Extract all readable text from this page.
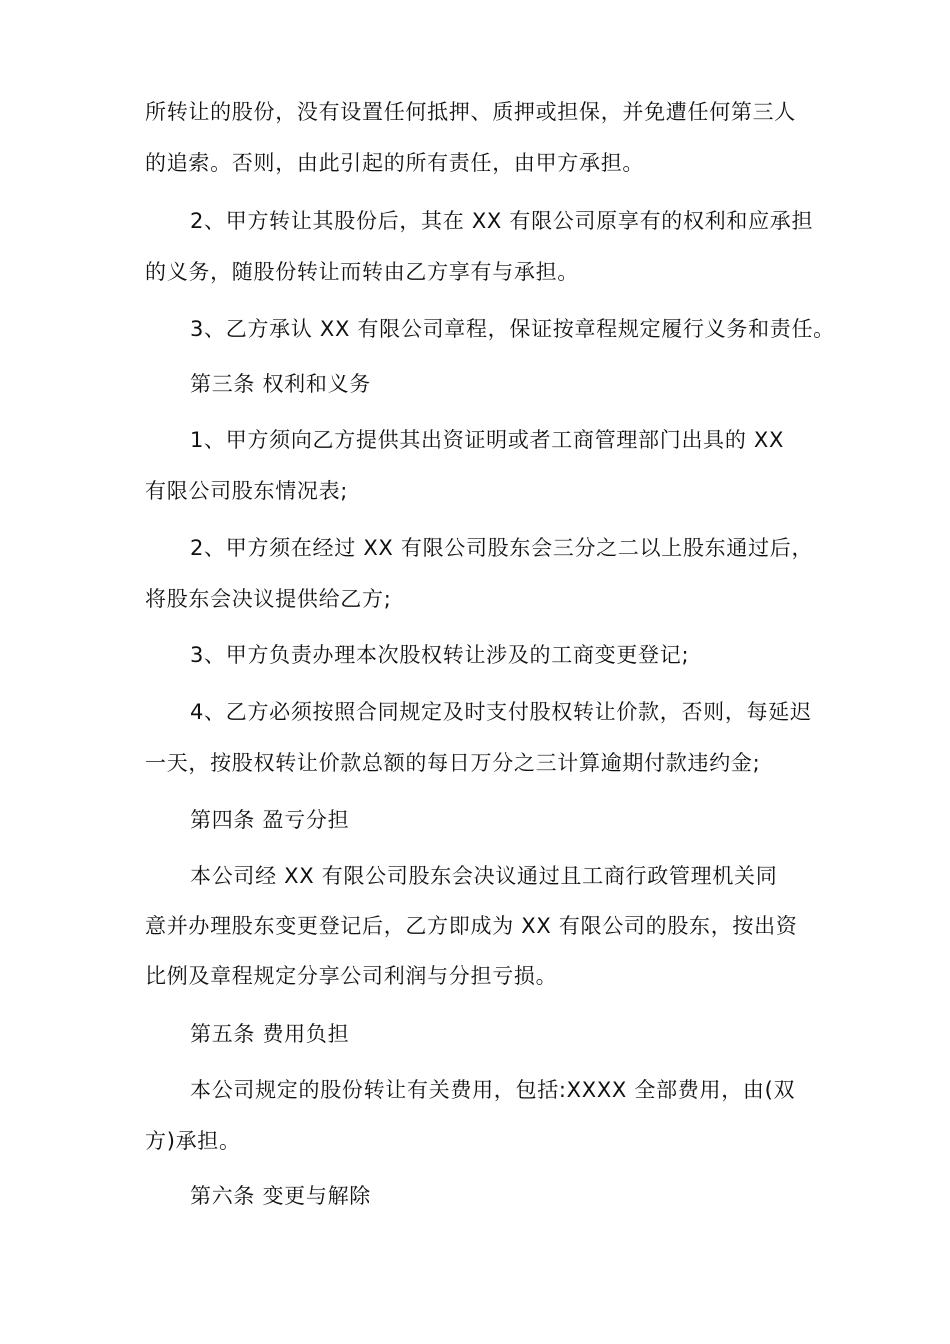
所转让的股份，没有设置任何抵押、质押或担保，并免遭任何第三人
的追索。否则，由此引起的所有责任，由甲方承担。
2、甲方转让其股份后，其在 XX 有限公司原享有的权利和应承担
的义务，随股份转让而转由乙方享有与承担。
3、乙方承认 XX 有限公司章程，保证按章程规定履行义务和责任。
第三条 权利和义务
1、甲方须向乙方提供其出资证明或者工商管理部门出具的 XX
有限公司股东情况表;
2、甲方须在经过 XX 有限公司股东会三分之二以上股东通过后，
将股东会决议提供给乙方;
3、甲方负责办理本次股权转让涉及的工商变更登记;
4、乙方必须按照合同规定及时支付股权转让价款，否则，每延迟
一天，按股权转让价款总额的每日万分之三计算逾期付款违约金;
第四条 盈亏分担
本公司经 XX 有限公司股东会决议通过且工商行政管理机关同
意并办理股东变更登记后，乙方即成为 XX 有限公司的股东，按出资
比例及章程规定分享公司利润与分担亏损。
第五条 费用负担
本公司规定的股份转让有关费用，包括:XXXX 全部费用，由(双
方)承担。
第六条 变更与解除
